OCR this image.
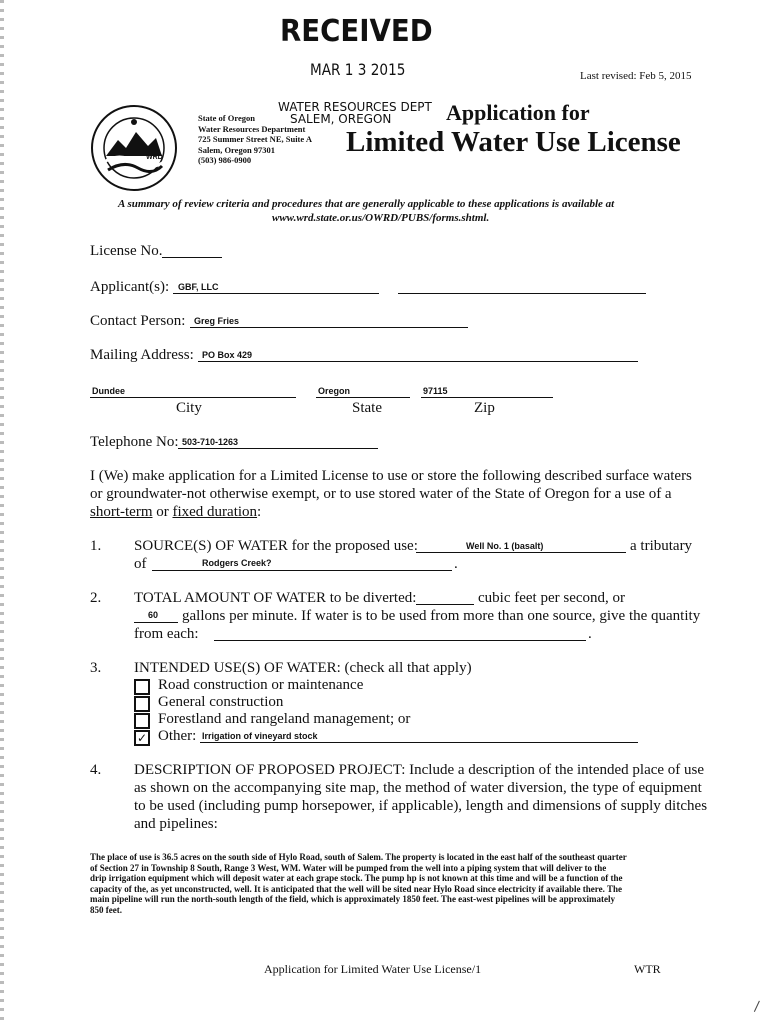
RECEIVED
MAR 1 3 2015	Last revised: Feb 5, 2015
WRD
State of Oregon
Water Resources Department
725 Summer Street NE, Suite A
Salem, Oregon 97301
(503) 986-0900
WATER RESOURCES DEPT
SALEM, OREGON Application for
Limited Water Use License
A summary of review criteria and procedures that are generally applicable to these applications is available at
www.wrd.state.or.us/OWRD/PUBS/forms.shtml.
License No.
Applicant(s): GBF, LLC
Contact Person: Greg Fries
Mailing Address: PO Box 429
Dundee	Oregon	97115
City	State	Zip
Telephone No: 503-710-1263
I (We) make application for a Limited License to use or store the following described surface waters
or groundwater-not otherwise exempt, or to use stored water of the State of Oregon for a use of a
short-term or fixed duration:
1. SOURCE(S) OF WATER for the proposed use:	Well No. 1 (basalt)	a tributary
of	Rodgers Creek?	.
2. TOTAL AMOUNT OF WATER to be diverted:	cubic feet per second, or
60 gallons per minute. If water is to be used from more than one source, give the quantity
from each:	.
3. INTENDED USE(S) OF WATER: (check all that apply)
Road construction or maintenance
General construction
Forestland and rangeland management; or
✓ Other: Irrigation of vineyard stock
4. DESCRIPTION OF PROPOSED PROJECT: Include a description of the intended place of use
as shown on the accompanying site map, the method of water diversion, the type of equipment
to be used (including pump horsepower, if applicable), length and dimensions of supply ditches
and pipelines:
The place of use is 36.5 acres on the south side of Hylo Road, south of Salem. The property is located in the east half of the southeast quarter
of Section 27 in Township 8 South, Range 3 West, WM. Water will be pumped from the well into a piping system that will deliver to the
drip irrigation equipment which will deposit water at each grape stock. The pump hp is not known at this time and will be a function of the
capacity of the, as yet unconstructed, well. It is anticipated that the well will be sited near Hylo Road since electricity if available there. The
main pipeline will run the north-south length of the field, which is approximately 1850 feet. The east-west pipelines will be approximately
850 feet.
Application for Limited Water Use License/1	WTR
